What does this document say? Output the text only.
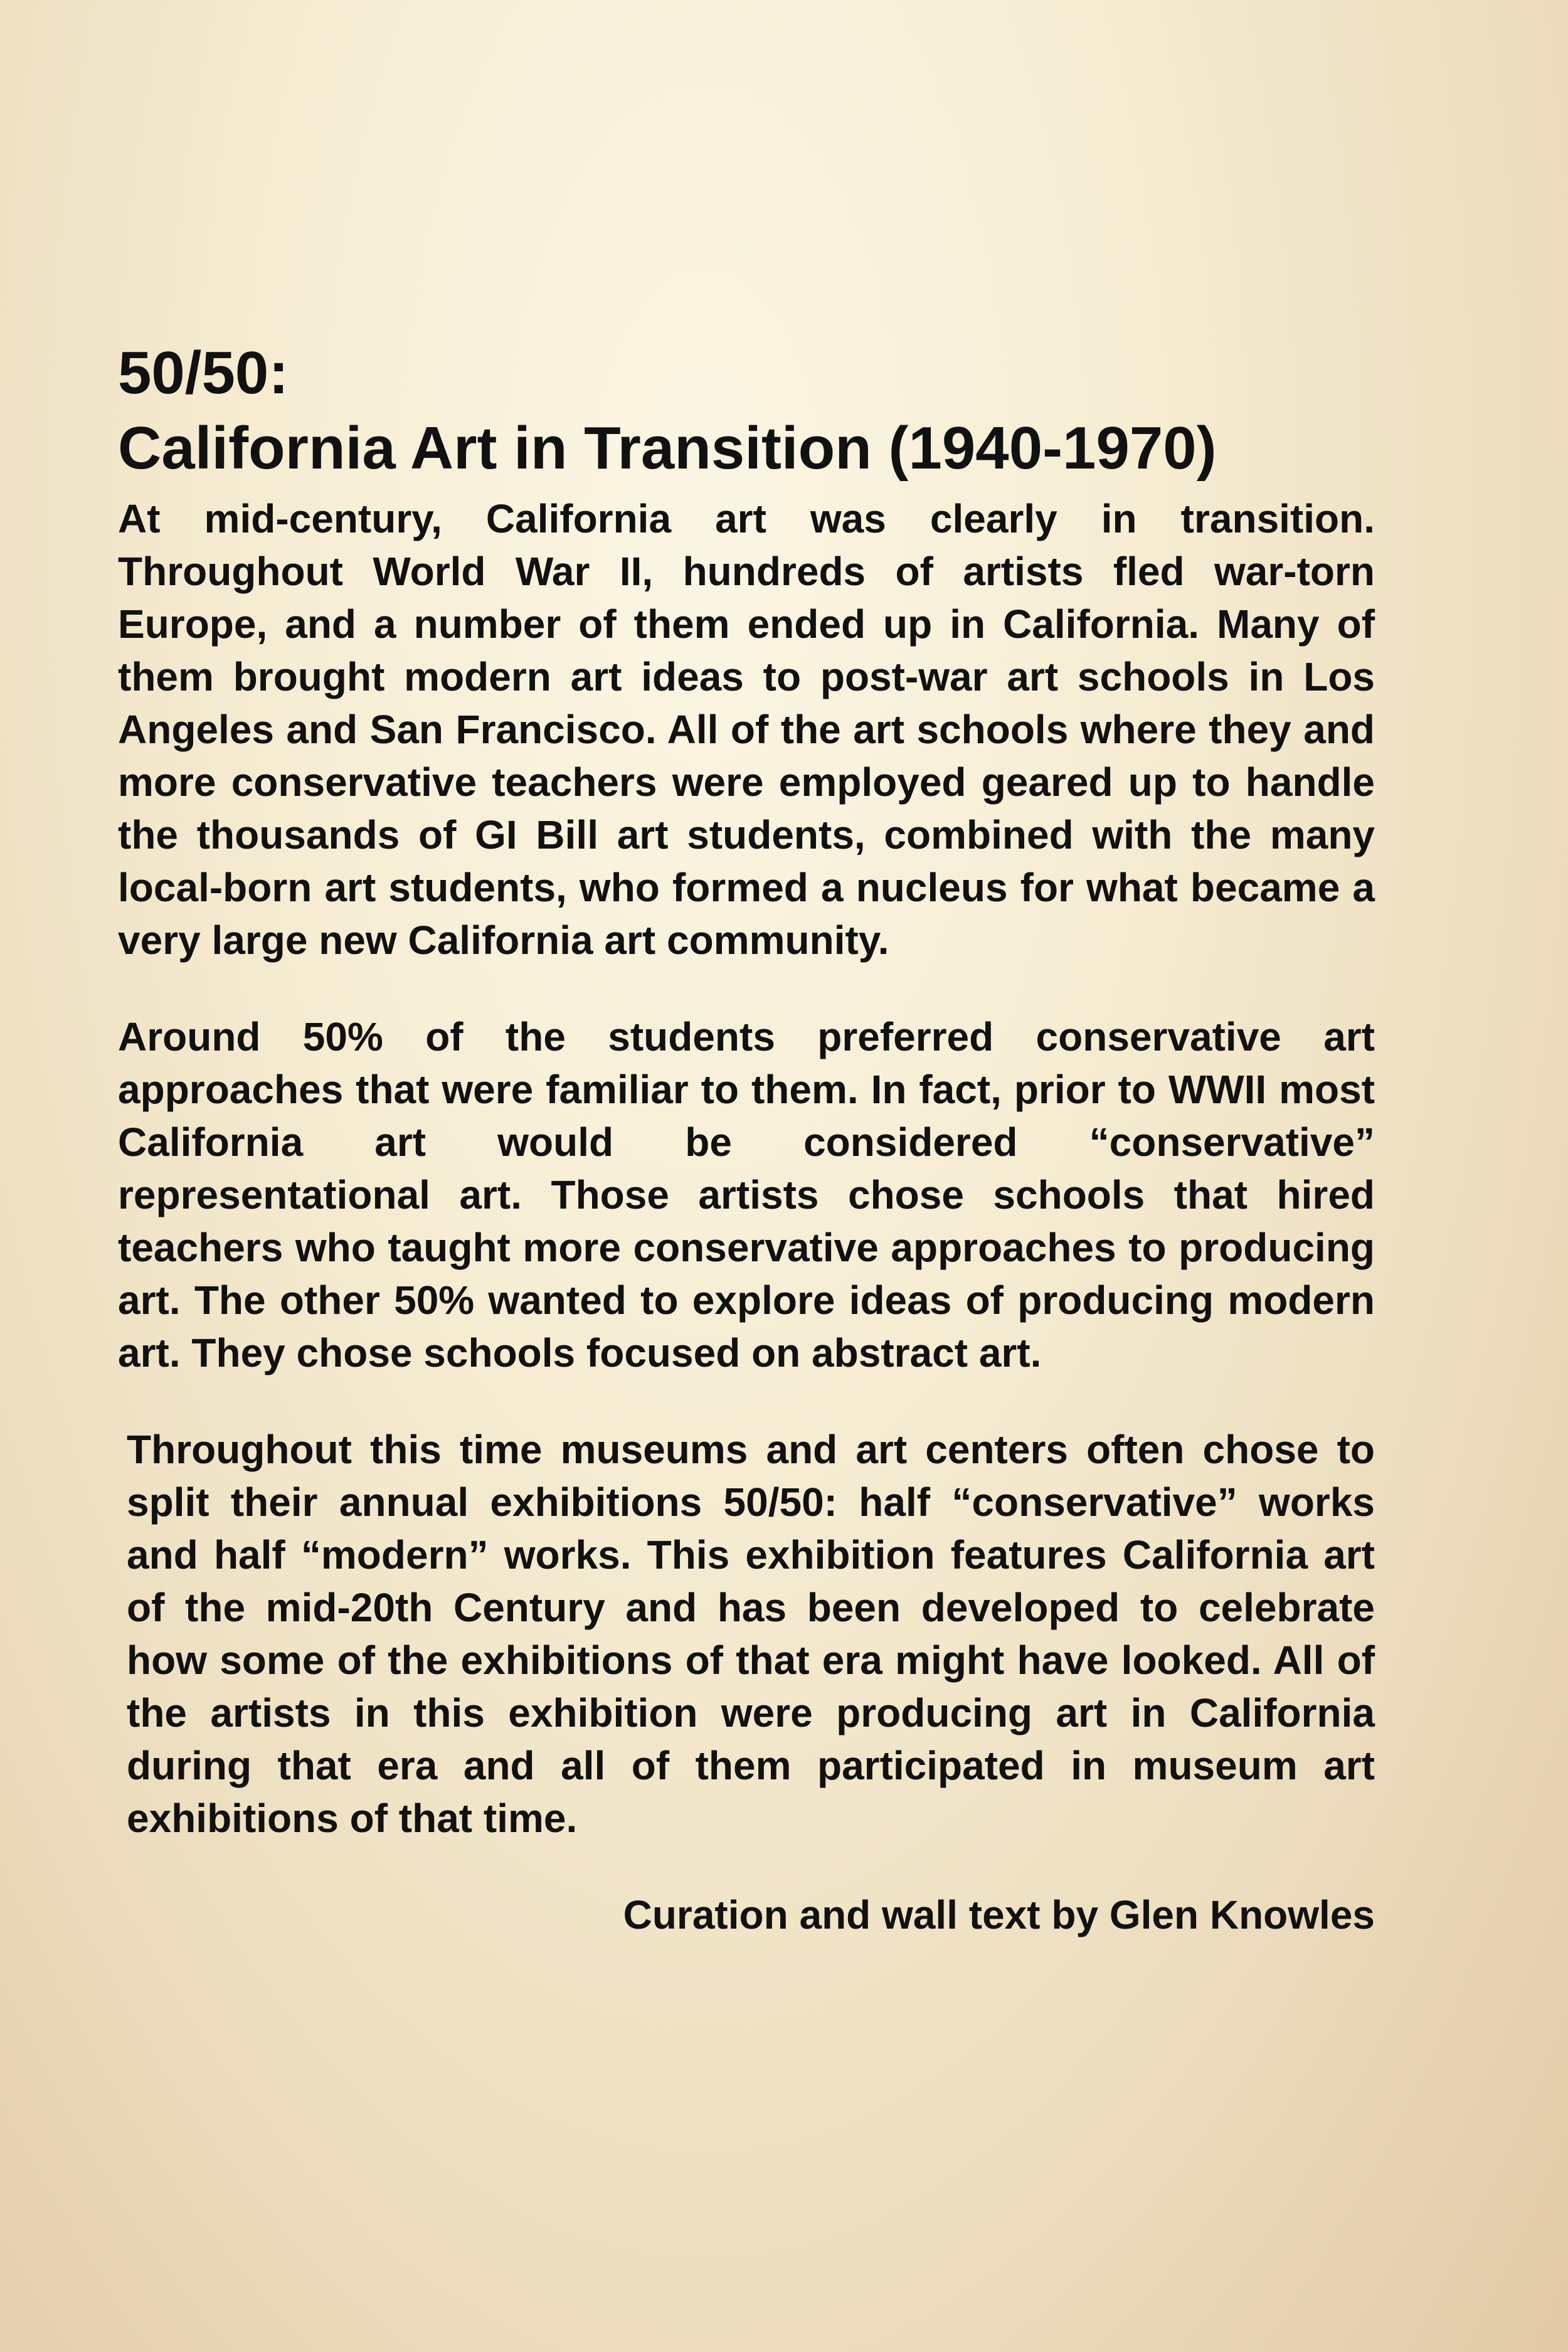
50/50:
California Art in Transition (1940-1970)

At mid-century, California art was clearly in transition. Throughout World War II, hundreds of artists fled war-torn Europe, and a number of them ended up in California. Many of them brought modern art ideas to post-war art schools in Los Angeles and San Francisco. All of the art schools where they and more conservative teachers were employed geared up to handle the thousands of GI Bill art students, combined with the many local-born art students, who formed a nucleus for what became a very large new California art community.

Around 50% of the students preferred conservative art approaches that were familiar to them. In fact, prior to WWII most California art would be considered “conservative” representational art. Those artists chose schools that hired teachers who taught more conservative approaches to producing art. The other 50% wanted to explore ideas of producing modern art. They chose schools focused on abstract art.

Throughout this time museums and art centers often chose to split their annual exhibitions 50/50: half “conservative” works and half “modern” works. This exhibition features California art of the mid-20th Century and has been developed to celebrate how some of the exhibitions of that era might have looked. All of the artists in this exhibition were producing art in California during that era and all of them participated in museum art exhibitions of that time.

Curation and wall text by Glen Knowles
